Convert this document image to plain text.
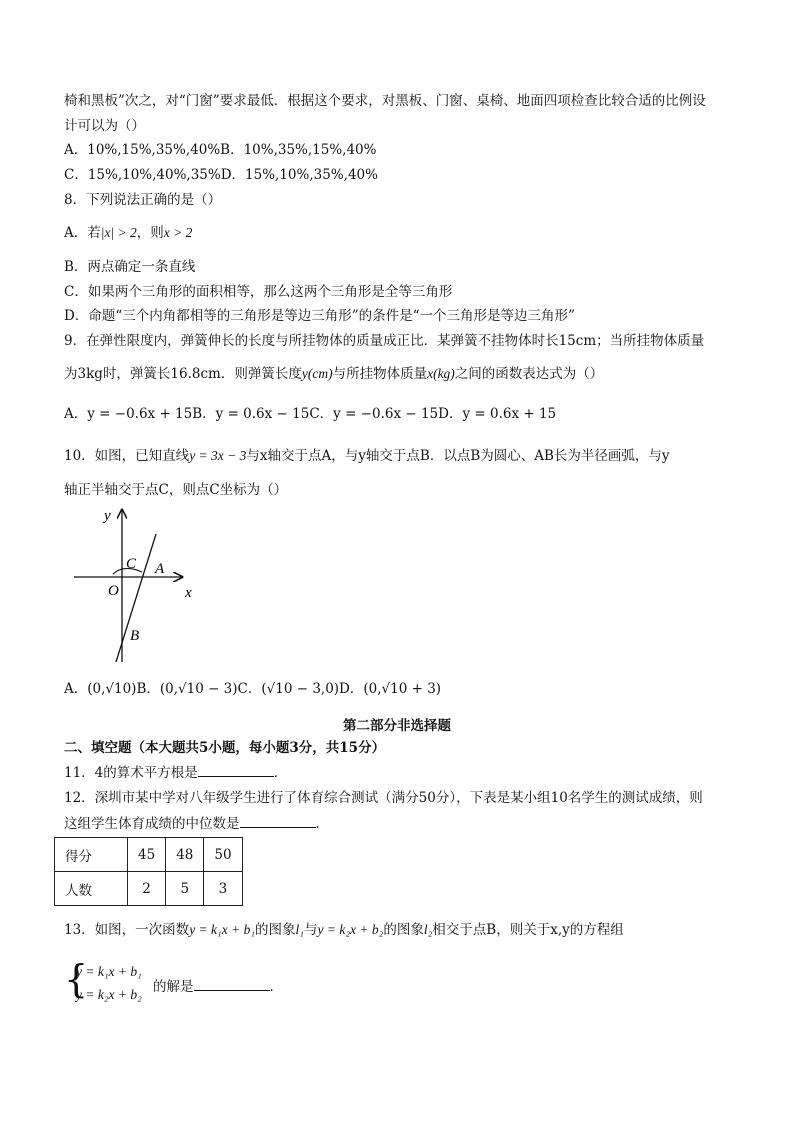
椅和黑板”次之，对“门窗”要求最低．根据这个要求，对黑板、门窗、桌椅、地面四项检查比较合适的比例设
计可以为（）
A．10%,15%,35%,40%B．10%,35%,15%,40%
C．15%,10%,40%,35%D．15%,10%,35%,40%
8．下列说法正确的是（）
A．若|x| > 2，则x > 2
B．两点确定一条直线
C．如果两个三角形的面积相等，那么这两个三角形是全等三角形
D．命题“三个内角都相等的三角形是等边三角形”的条件是“一个三角形是等边三角形”
9．在弹性限度内，弹簧伸长的长度与所挂物体的质量成正比．某弹簧不挂物体时长15cm；当所挂物体质量
为3kg时，弹簧长16.8cm．则弹簧长度y(cm)与所挂物体质量x(kg)之间的函数表达式为（）
A．y = −0.6x + 15B．y = 0.6x − 15C．y = −0.6x − 15D．y = 0.6x + 15
10．如图，已知直线y = 3x − 3与x轴交于点A，与y轴交于点B．以点B为圆心、AB长为半径画弧，与y
轴正半轴交于点C，则点C坐标为（）
y
x
O
A
B
C
A．(0,√10)B．(0,√10 − 3)C．(√10 − 3,0)D．(0,√10 + 3)
第二部分非选择题
二、填空题（本大题共5小题，每小题3分，共15分）
11．4的算术平方根是	．
12．深圳市某中学对八年级学生进行了体育综合测试（满分50分），下表是某小组10名学生的测试成绩，则
这组学生体育成绩的中位数是	．
得分	45	48	50
人数	2	5	3
13．如图，一次函数y = k₁x + b₁的图象l₁与y = k₂x + b₂的图象l₂相交于点B，则关于x,y的方程组
{
y = k₁x + b₁
y = k₂x + b₂ 的解是	．
